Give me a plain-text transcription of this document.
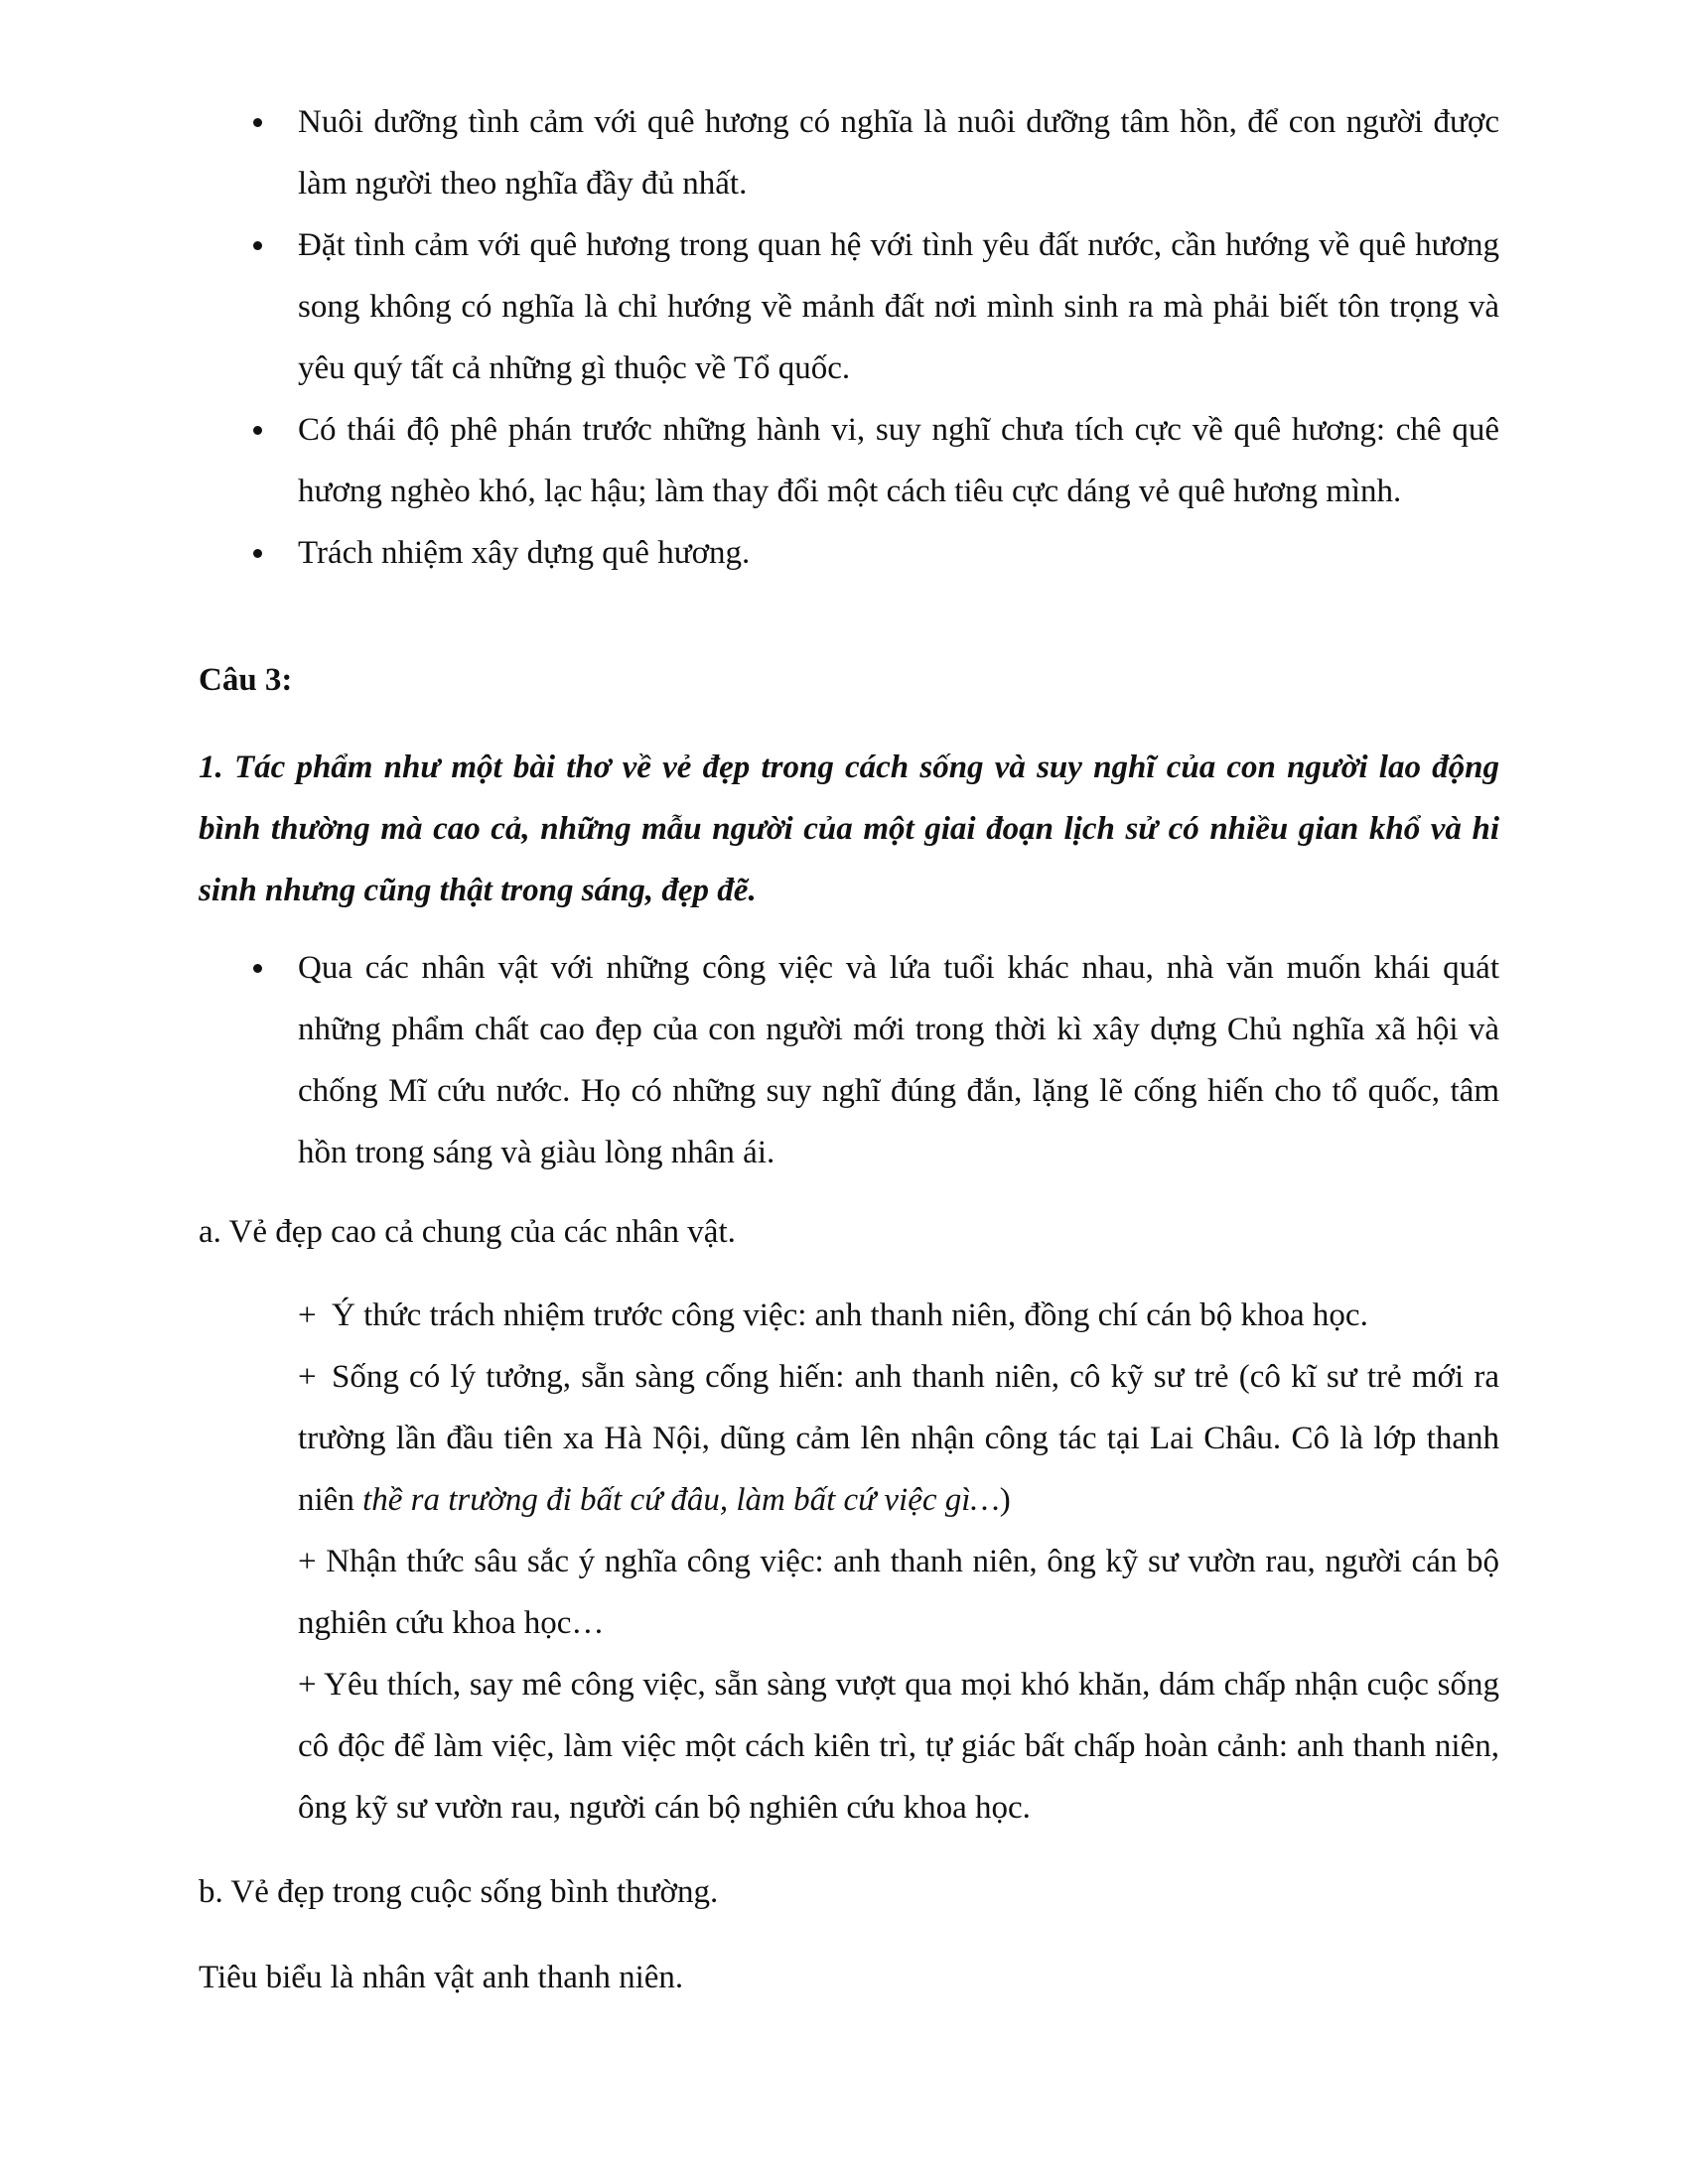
Nuôi dưỡng tình cảm với quê hương có nghĩa là nuôi dưỡng tâm hồn, để con người được làm người theo nghĩa đầy đủ nhất.
Đặt tình cảm với quê hương trong quan hệ với tình yêu đất nước, cần hướng về quê hương song không có nghĩa là chỉ hướng về mảnh đất nơi mình sinh ra mà phải biết tôn trọng và yêu quý tất cả những gì thuộc về Tổ quốc.
Có thái độ phê phán trước những hành vi, suy nghĩ chưa tích cực về quê hương: chê quê hương nghèo khó, lạc hậu; làm thay đổi một cách tiêu cực dáng vẻ quê hương mình.
Trách nhiệm xây dựng quê hương.

Câu 3:

1. Tác phẩm như một bài thơ về vẻ đẹp trong cách sống và suy nghĩ của con người lao động bình thường mà cao cả, những mẫu người của một giai đoạn lịch sử có nhiều gian khổ và hi sinh nhưng cũng thật trong sáng, đẹp đẽ.

Qua các nhân vật với những công việc và lứa tuổi khác nhau, nhà văn muốn khái quát những phẩm chất cao đẹp của con người mới trong thời kì xây dựng Chủ nghĩa xã hội và chống Mĩ cứu nước. Họ có những suy nghĩ đúng đắn, lặng lẽ cống hiến cho tổ quốc, tâm hồn trong sáng và giàu lòng nhân ái.

a. Vẻ đẹp cao cả chung của các nhân vật.

+ Ý thức trách nhiệm trước công việc: anh thanh niên, đồng chí cán bộ khoa học.
+ Sống có lý tưởng, sẵn sàng cống hiến: anh thanh niên, cô kỹ sư trẻ (cô kĩ sư trẻ mới ra trường lần đầu tiên xa Hà Nội, dũng cảm lên nhận công tác tại Lai Châu. Cô là lớp thanh niên thề ra trường đi bất cứ đâu, làm bất cứ việc gì…)
+ Nhận thức sâu sắc ý nghĩa công việc: anh thanh niên, ông kỹ sư vườn rau, người cán bộ nghiên cứu khoa học…
+ Yêu thích, say mê công việc, sẵn sàng vượt qua mọi khó khăn, dám chấp nhận cuộc sống cô độc để làm việc, làm việc một cách kiên trì, tự giác bất chấp hoàn cảnh: anh thanh niên, ông kỹ sư vườn rau, người cán bộ nghiên cứu khoa học.

b. Vẻ đẹp trong cuộc sống bình thường.

Tiêu biểu là nhân vật anh thanh niên.
